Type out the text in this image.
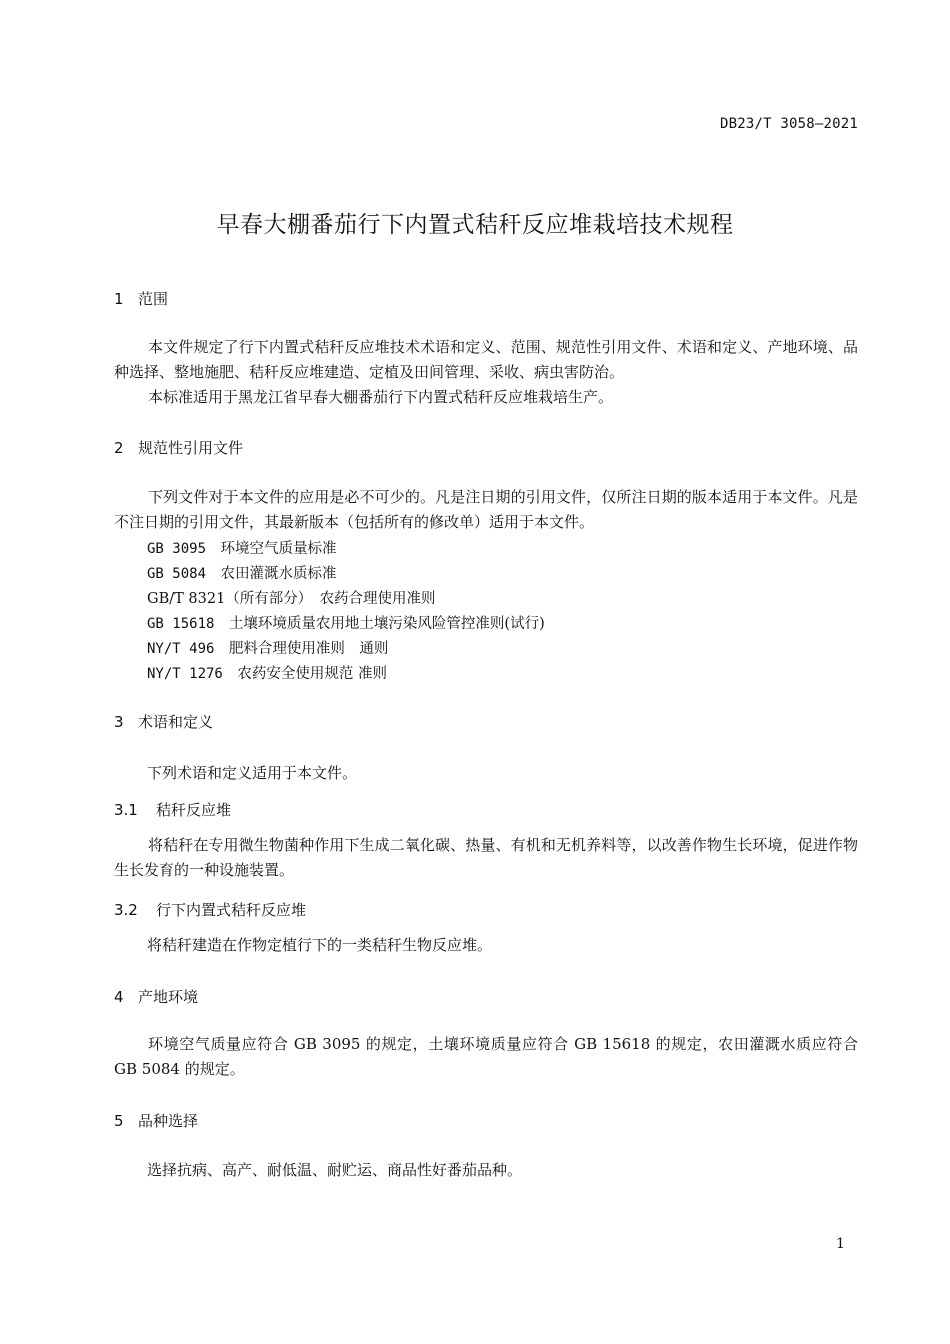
DB23/T 3058—2021
早春大棚番茄行下内置式秸秆反应堆栽培技术规程
1 范围
本文件规定了行下内置式秸秆反应堆技术术语和定义、范围、规范性引用文件、术语和定义、产地环境、品种选择、整地施肥、秸秆反应堆建造、定植及田间管理、采收、病虫害防治。
本标准适用于黑龙江省早春大棚番茄行下内置式秸秆反应堆栽培生产。
2 规范性引用文件
下列文件对于本文件的应用是必不可少的。凡是注日期的引用文件，仅所注日期的版本适用于本文件。凡是不注日期的引用文件，其最新版本（包括所有的修改单）适用于本文件。
GB 3095　 环境空气质量标准
GB 5084　 农田灌溉水质标准
GB/T 8321（所有部分）　 农药合理使用准则
GB 15618　 土壤环境质量农用地土壤污染风险管控准则(试行)
NY/T 496　 肥料合理使用准则　通则
NY/T 1276　 农药安全使用规范 准则
3 术语和定义
下列术语和定义适用于本文件。
3.1 秸秆反应堆
将秸秆在专用微生物菌种作用下生成二氧化碳、热量、有机和无机养料等，以改善作物生长环境，促进作物生长发育的一种设施装置。
3.2 行下内置式秸秆反应堆
将秸秆建造在作物定植行下的一类秸秆生物反应堆。
4 产地环境
环境空气质量应符合 GB 3095 的规定，土壤环境质量应符合 GB 15618 的规定，农田灌溉水质应符合 GB 5084 的规定。
5 品种选择
选择抗病、高产、耐低温、耐贮运、商品性好番茄品种。
1
